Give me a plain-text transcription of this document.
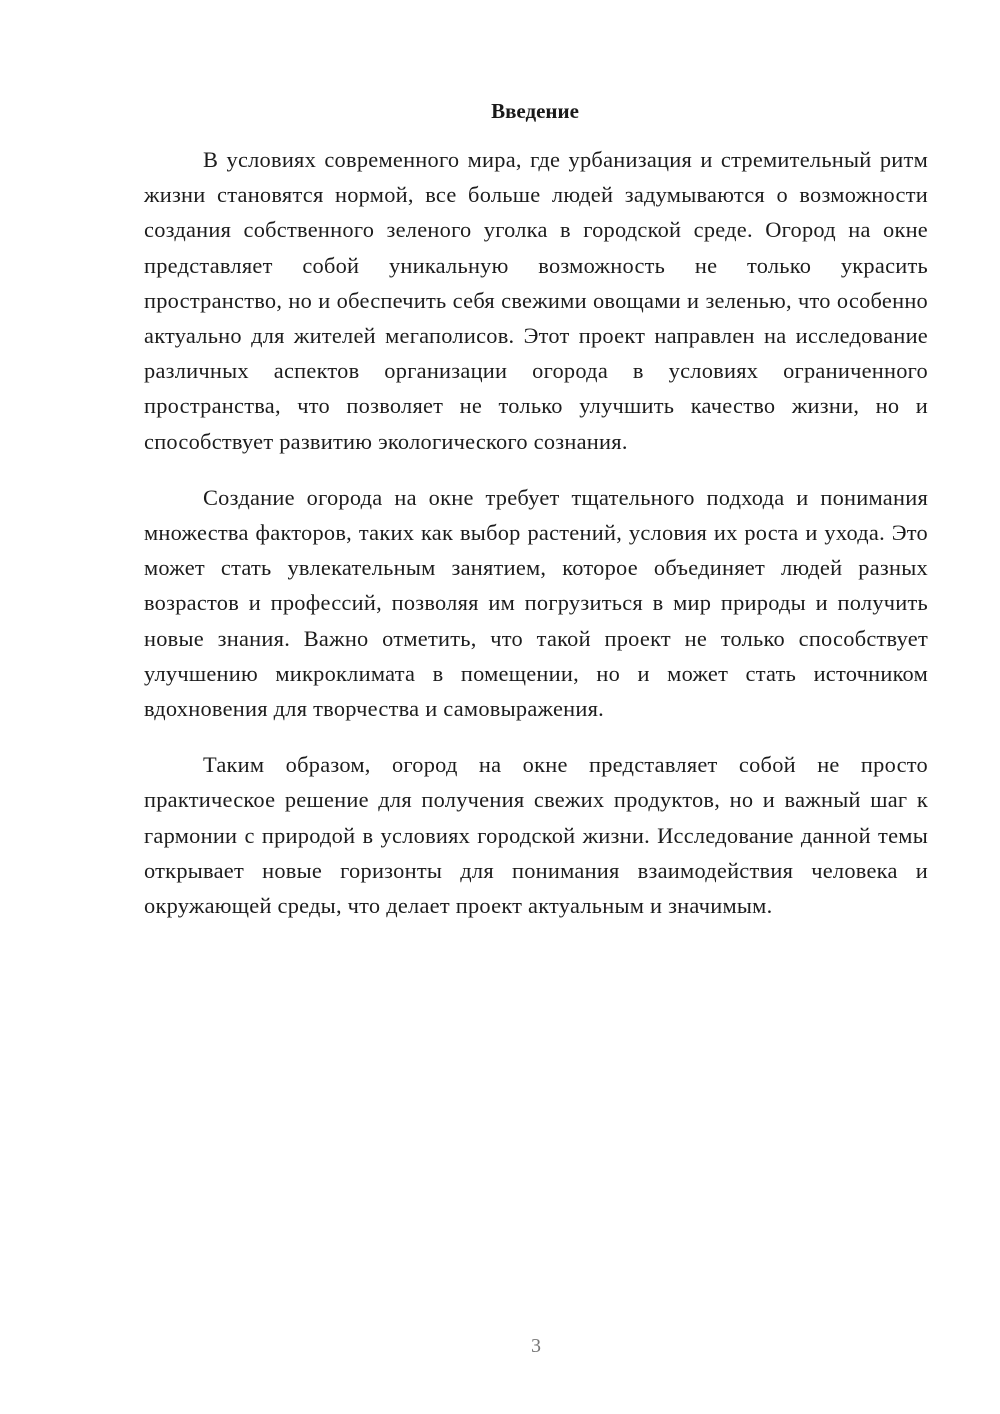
Введение

В условиях современного мира, где урбанизация и стремительный ритм жизни становятся нормой, все больше людей задумываются о возможности создания собственного зеленого уголка в городской среде. Огород на окне представляет собой уникальную возможность не только украсить пространство, но и обеспечить себя свежими овощами и зеленью, что особенно актуально для жителей мегаполисов. Этот проект направлен на исследование различных аспектов организации огорода в условиях ограниченного пространства, что позволяет не только улучшить качество жизни, но и способствует развитию экологического сознания.

Создание огорода на окне требует тщательного подхода и понимания множества факторов, таких как выбор растений, условия их роста и ухода. Это может стать увлекательным занятием, которое объединяет людей разных возрастов и профессий, позволяя им погрузиться в мир природы и получить новые знания. Важно отметить, что такой проект не только способствует улучшению микроклимата в помещении, но и может стать источником вдохновения для творчества и самовыражения.

Таким образом, огород на окне представляет собой не просто практическое решение для получения свежих продуктов, но и важный шаг к гармонии с природой в условиях городской жизни. Исследование данной темы открывает новые горизонты для понимания взаимодействия человека и окружающей среды, что делает проект актуальным и значимым.

3
